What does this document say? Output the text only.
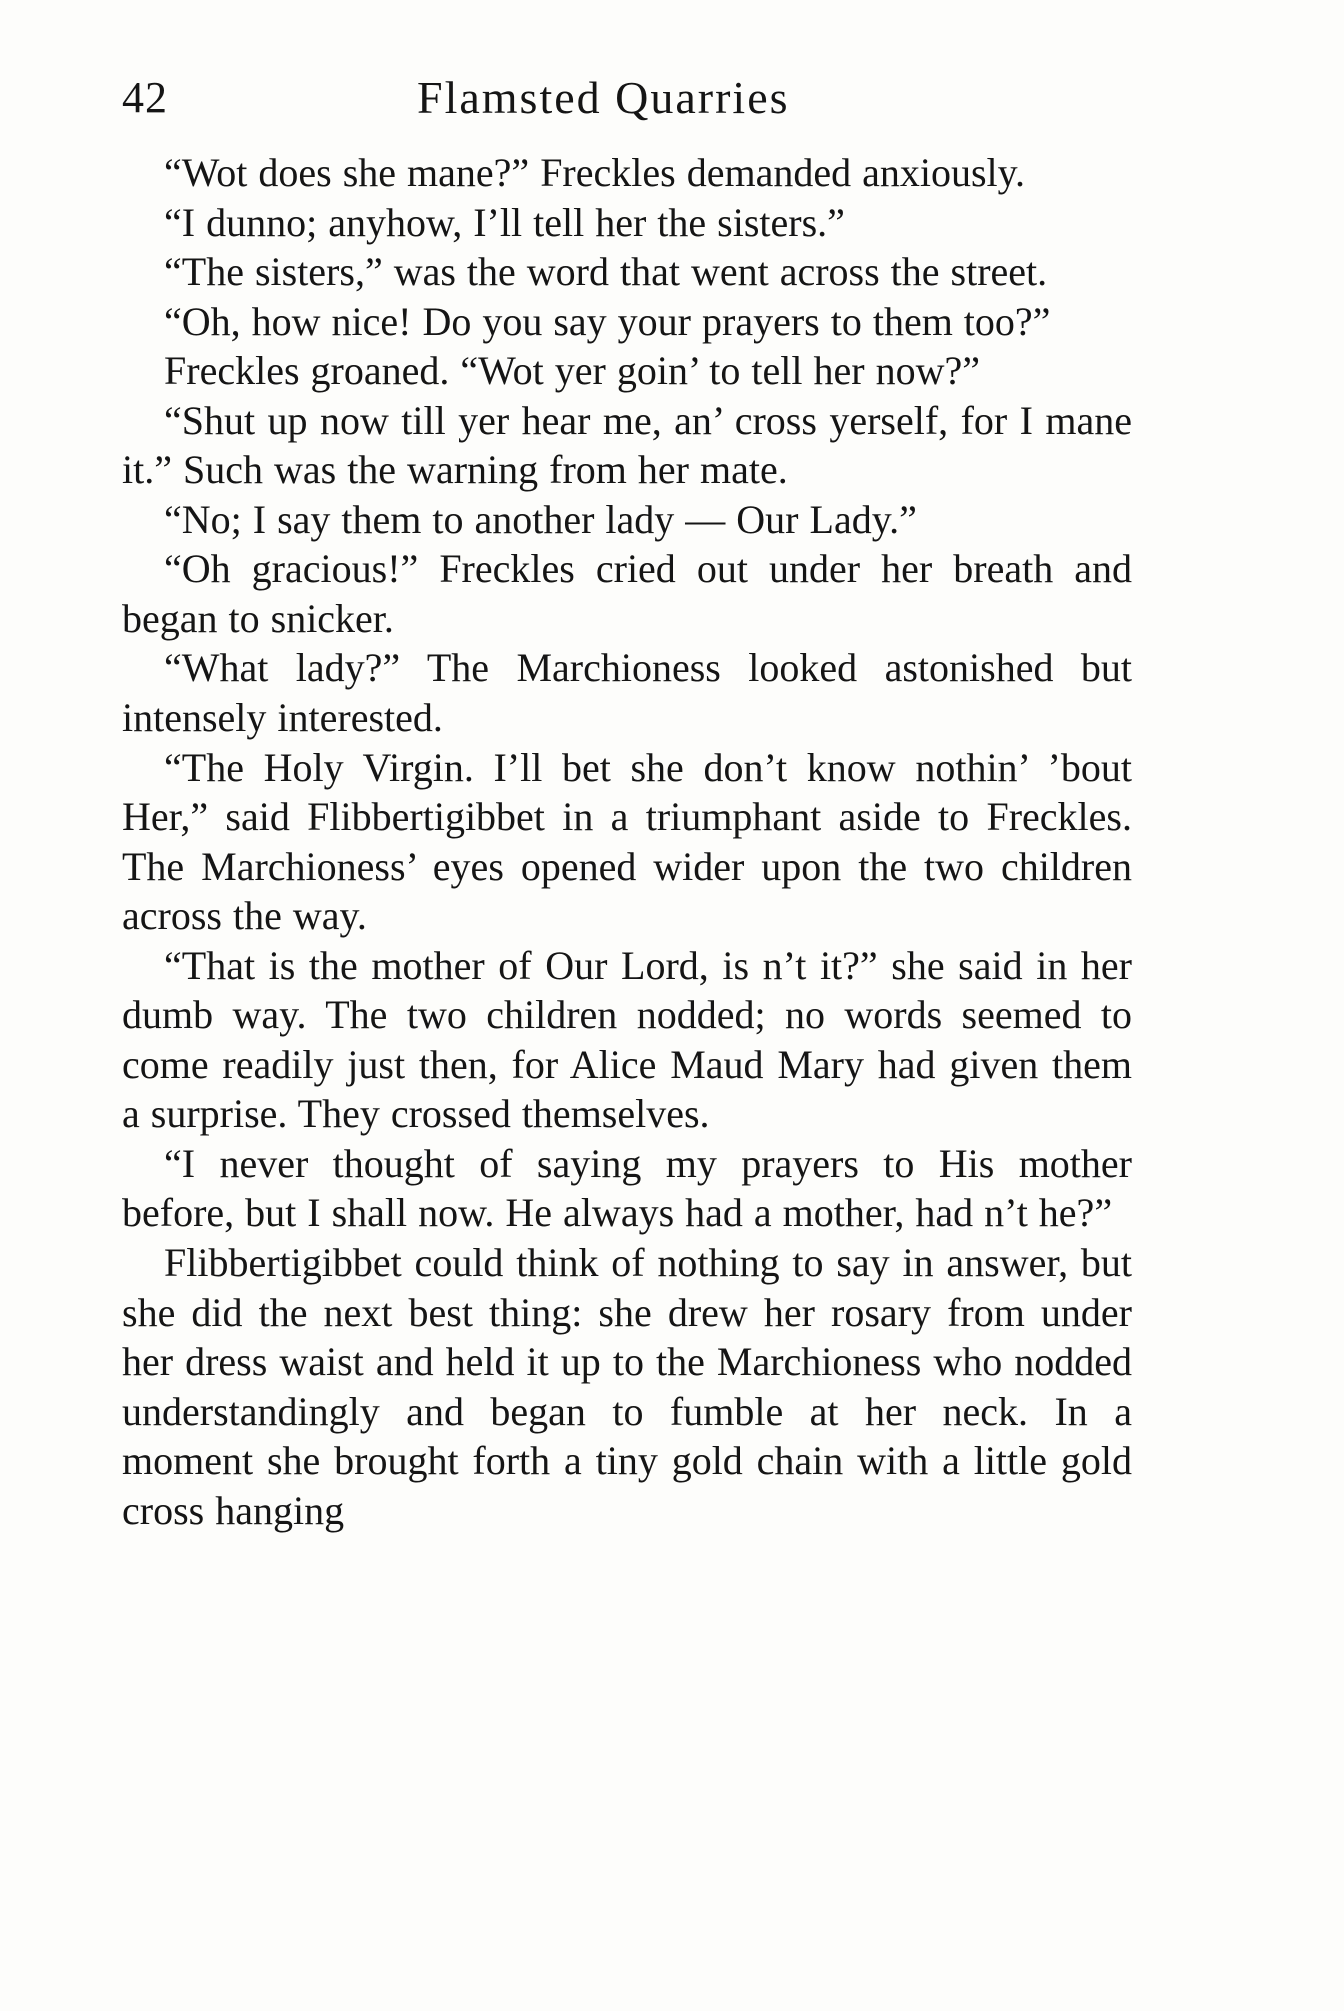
42	Flamsted Quarries

“Wot does she mane?” Freckles demanded anxiously.

“I dunno; anyhow, I’ll tell her the sisters.”

“The sisters,” was the word that went across the street.

“Oh, how nice! Do you say your prayers to them too?”

Freckles groaned. “Wot yer goin’ to tell her now?”

“Shut up now till yer hear me, an’ cross yerself, for I mane it.” Such was the warning from her mate.

“No; I say them to another lady — Our Lady.”

“Oh gracious!” Freckles cried out under her breath and began to snicker.

“What lady?” The Marchioness looked astonished but intensely interested.

“The Holy Virgin. I’ll bet she don’t know nothin’ ’bout Her,” said Flibbertigibbet in a triumphant aside to Freckles. The Marchioness’ eyes opened wider upon the two children across the way.

“That is the mother of Our Lord, is n’t it?” she said in her dumb way. The two children nodded; no words seemed to come readily just then, for Alice Maud Mary had given them a surprise. They crossed themselves.

“I never thought of saying my prayers to His mother before, but I shall now. He always had a mother, had n’t he?”

Flibbertigibbet could think of nothing to say in answer, but she did the next best thing: she drew her rosary from under her dress waist and held it up to the Marchioness who nodded understandingly and began to fumble at her neck. In a moment she brought forth a tiny gold chain with a little gold cross hanging
